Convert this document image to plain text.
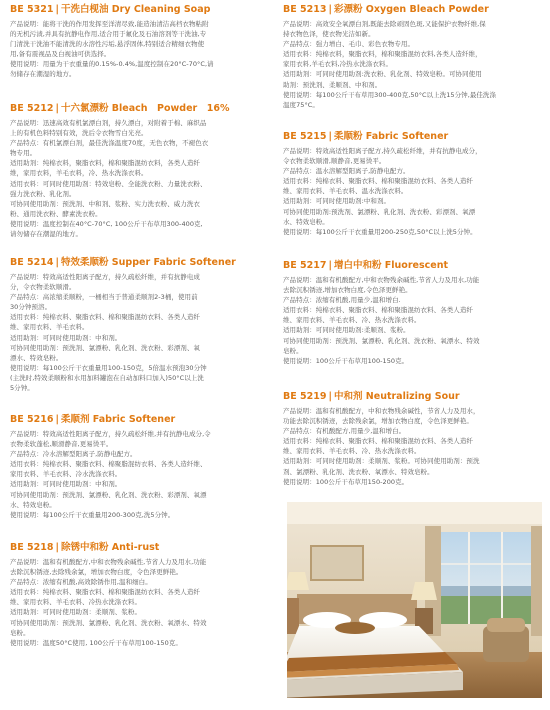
BE 5321 | 干洗白枧油 Dry Cleaning Soap
产品说明：能将干洗的作用发挥至洋清尽致,能造油清洁高档衣物粘附
的无机污渍,并具有抗静电作用,适合用于氟化及石油溶剂等干洗油,专
门清洗干洗油不能清洗的水溶性污垢,悬浮固体,特别适合精细衣物使
用,备有震视品及白视油可供选择。
使用说明：用量为干衣重量的0.15%-0.4%,温度控制在20°C-70°C,请
勿储存在潮湿的地方。
BE 5212 | 十六氯漂粉 Bleach　Powder　16%
产品说明：迅速高效有机氯漂白剂，持久漂白，对附着于棉、麻织品
上的有机色料特别有效，洗后令衣物雪白光亮。
产品特点：有机氯漂白剂，最佳洗涤温度70度，无色衣物，不褪色衣
物专用。
适用助剂：纯棉衣料，聚脂衣料，棉和聚脂混纺衣料，各类人造纤
维，家用衣料，羊毛衣料，冷、热水洗涤衣料。
适用衣料：可同时使用助剂：特效皂粉、全能洗衣粉、力量洗衣粉、
强力洗衣粉、乳化剂。
可协同使用助剂：预洗剂、中和剂、浆粉、实力洗衣粉、威力洗衣
粉、通用洗衣粉、酵素洗衣粉。
使用说明：温度控制在40°C-70°C, 100公斤干布草用300-400克,
请勿储存在潮湿的地方。
BE 5214 | 特效柔顺粉 Supper Fabric Softener
产品说明：特效高适性阳离子配方，持久疏松纤维，并有抗静电成
分，令衣物柔软顺滑。
产品特点：高浓缩柔顺粉，一桶相当于普通柔顺剂2-3桶，使用前
30分钟预溶。
适用衣料：纯棉衣料、聚脂衣料、棉和聚脂混纺衣料、各类人造纤
维、家用衣料、羊毛衣料。
适用助剂：可同时使用助剂：中和剂。
可协同使用助剂：预洗剂、氯漂粉、乳化剂、洗衣粉、彩漂剂、氧
漂水、特效皂粉。
使用说明：每100公斤干衣重量用100-150克，5倍温水预泡30分钟
(主洗时,特效柔顺粉和水用加料罐泡在自动加料口加入)50°C以上洗
5分钟。
BE 5216 | 柔顺剂 Fabric Softener
产品说明：特效高适性阳离子配方，持久疏松纤维,并有抗静电成分,令
衣物柔软蓬松,顺滑静音,更易烫平。
产品特点：冷水溶解型阳离子,防静电配方。
适用衣料：纯棉衣料、聚脂衣料、棉聚脂混纺衣料、各类人造纤维、
家用衣料、羊毛衣料、冷水洗涤衣料。
适用助剂：可同时使用助剂：中和剂。
可协同使用助剂：预洗剂、氯漂粉、乳化剂、洗衣粉、彩漂剂、氧漂
水、特效皂粉。
使用说明：每100公斤干衣重量用200-300克,洗5分钟。
BE 5218 | 除锈中和粉 Anti-rust
产品说明：温和有机酸配方,中和衣物残余碱性,节省人力及用水,功能
去除沉积锈迹,去除残余氯，增加衣物白度，令色泽更鲜艳。
产品特点：浓缩有机酸,高效除锈作用,温和细白。
适用衣料：纯棉衣料、聚脂衣料、棉和聚脂混纺衣料、各类人造纤
维、家用衣料、羊毛衣料、冷热水洗涤衣料。
适用助剂：可同时使用助剂：柔顺剂、浆粉。
可协同使用助剂：预洗剂、氯漂粉、乳化剂、洗衣粉、氧漂水、特效
皂粉。
使用说明：温度50°C使用, 100公斤干布草用100-150克。
BE 5213 | 彩漂粉 Oxygen Bleach Powder
产品说明：高效安全氧漂白剂,既能去除顽固色斑,又能保护衣物纤维,保
持衣物色泽，使衣物光洁如新。
产品特点：强力增白、毛巾、彩色衣物专用。
适用衣料：纯棉衣料，聚脂衣料，棉和聚脂混纺衣料,各类人造纤维，
家用衣料,羊毛衣料,冷热水洗涤衣料。
适用助剂：可同时使用助剂:洗衣粉、乳化剂、特效皂粉。可协同使用
助剂：预洗剂、柔顺剂、中和剂。
使用说明：每100公斤干布草用300-400克,50°C以上洗15分钟,最佳洗涤
温度75°C。
BE 5215 | 柔顺粉 Fabric Softener
产品说明：特效高适性阳离子配方,持久疏松纤维，并有抗静电成分，
令衣物柔软顺滑,顺静音,更易烫平。
产品特点：温水溶解型阳离子,防静电配方。
适用衣料：纯棉衣料、聚脂衣料、棉和聚脂混纺衣料、各类人造纤
维、家用衣料、羊毛衣料、温水洗涤衣料。
适用助剂：可同时使用助剂:中和剂。
可协同使用助剂:预洗剂、氯漂粉、乳化剂、洗衣粉、彩漂剂、氧漂
水、特效皂粉。
使用说明：每100公斤干衣重量用200-250克,50°C以上洗5分钟。
BE 5217 | 增白中和粉 Fluorescent
产品说明：温和有机酸配方,中和衣物残余碱性,节省人力及用水,功能
去除沉积锈迹,增加衣物白度,令色泽更鲜艳。
产品特点：浓缩有机酸,用量少,温和增白.
适用衣料：纯棉衣料、聚脂衣料、棉和聚脂混纺衣料、各类人造纤
维、家用衣料、羊毛衣料、冷、热水洗涤衣料。
适用助剂：可同时使用助剂:柔顺剂、浆粉。
可协同使用助剂：预洗剂、氯漂粉、乳化剂、洗衣粉、氧漂水、特效
皂粉。
使用说明：100公斤干布草用100-150克。
BE 5219 | 中和剂 Neutralizing Sour
产品说明：温和有机酸配方，中和衣物残余碱性，节省人力及用水，
功能去除沉积锈迹，去除残余氯，增加衣物白度，令色泽更鲜艳。
产品特点：有机酸配方,用量少,温和增白。
适用衣料：纯棉衣料、聚脂衣料、棉和聚脂混纺衣料、各类人造纤
维、家用衣料、羊毛衣料、冷、热水洗涤衣料。
适用助剂：可同时使用助剂：柔顺剂、浆粉。可协同使用助剂：预洗
剂、氯漂粉、乳化剂、洗衣粉、氧漂水、特效皂粉。
使用说明：100公斤干布草用150-200克。
